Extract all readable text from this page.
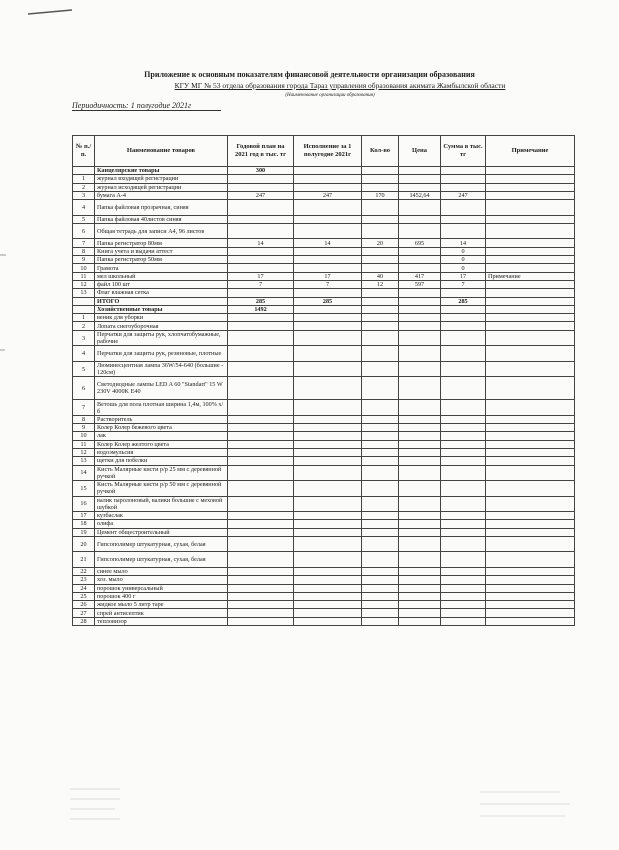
Приложение к основным показателям финансовой деятельности организации образования
КГУ МГ № 53 отдела образования города Тараз управления образования акимата Жамбылской области
(Наименование организации образования)
Периодичность: 1 полугодие 2021г
№ п./п.	Наименование товаров	Годовой план на 2021 год в тыс. тг	Исполнение за 1 полугодие 2021г	Кол-во	Цена	Сумма в тыс. тг	Примечание
	Канцелярские товары	300					
1	журнал входящей регистрации						
2	журнал исходящей регистрации						
3	бумага А-4	247	247	170	1452,64	247	
4	Папка файловая прозрачная, синяя						
5	Папка файловая 40листов синяя						
6	Общая тетрадь для записи А4, 96 листов						
7	Папка регистратор 80мм	14	14	20	695	14	
8	Книга учета и выдачи аттест					0	
9	Папка регистратор 50мм					0	
10	Грамота					0	
11	мел школьный	17	17	40	417	17	Примечание
12	файл 100 шт	7	7	12	597	7	
13	Флаг влажная сетка						
	ИТОГО	285	285			285	
	Хозяйственные товары	1492					
1	веник для уборки						
2	Лопата снегоуборочная						
3	Перчатки для защиты рук, хлопчатобумажные, рабочие						
4	Перчатки для защиты рук, резиновые, плотные						
5	Люминесцентная лампа 36W/54-640 (большие - 120см)						
6	Светодиодные лампы LED A 60 "Standart" 15 W 230V 4000K E40						
7	Ветошь для пола плотная ширина 1,4м, 100% х/б						
8	Растворитель						
9	Колер Колер бежевого цвета						
10	лак						
11	Колер Колер желтого цвета						
12	водоэмульсия						
13	щетки для побелки						
14	Кисть Малярные кисти р/р 25 мм с деревянной ручкой						
15	Кисть Малярные кисти р/р 50 мм с деревянной ручкой						
16	валик паролоновый, валики большие с меховой шубкой						
17	кузбаслак						
18	олифа						
19	Цемент общестроительный						
20	Гипсополимер штукатурная, сухая, белая						
21	Гипсополимер штукатурная, сухая, белая						
22	синее мыло						
23	хоз. мыло						
24	порошок универсальный						
25	порошок 400 г						
26	жидкое мыло 5 литр таре						
27	спрей антисептик						
28	тепловизор						
